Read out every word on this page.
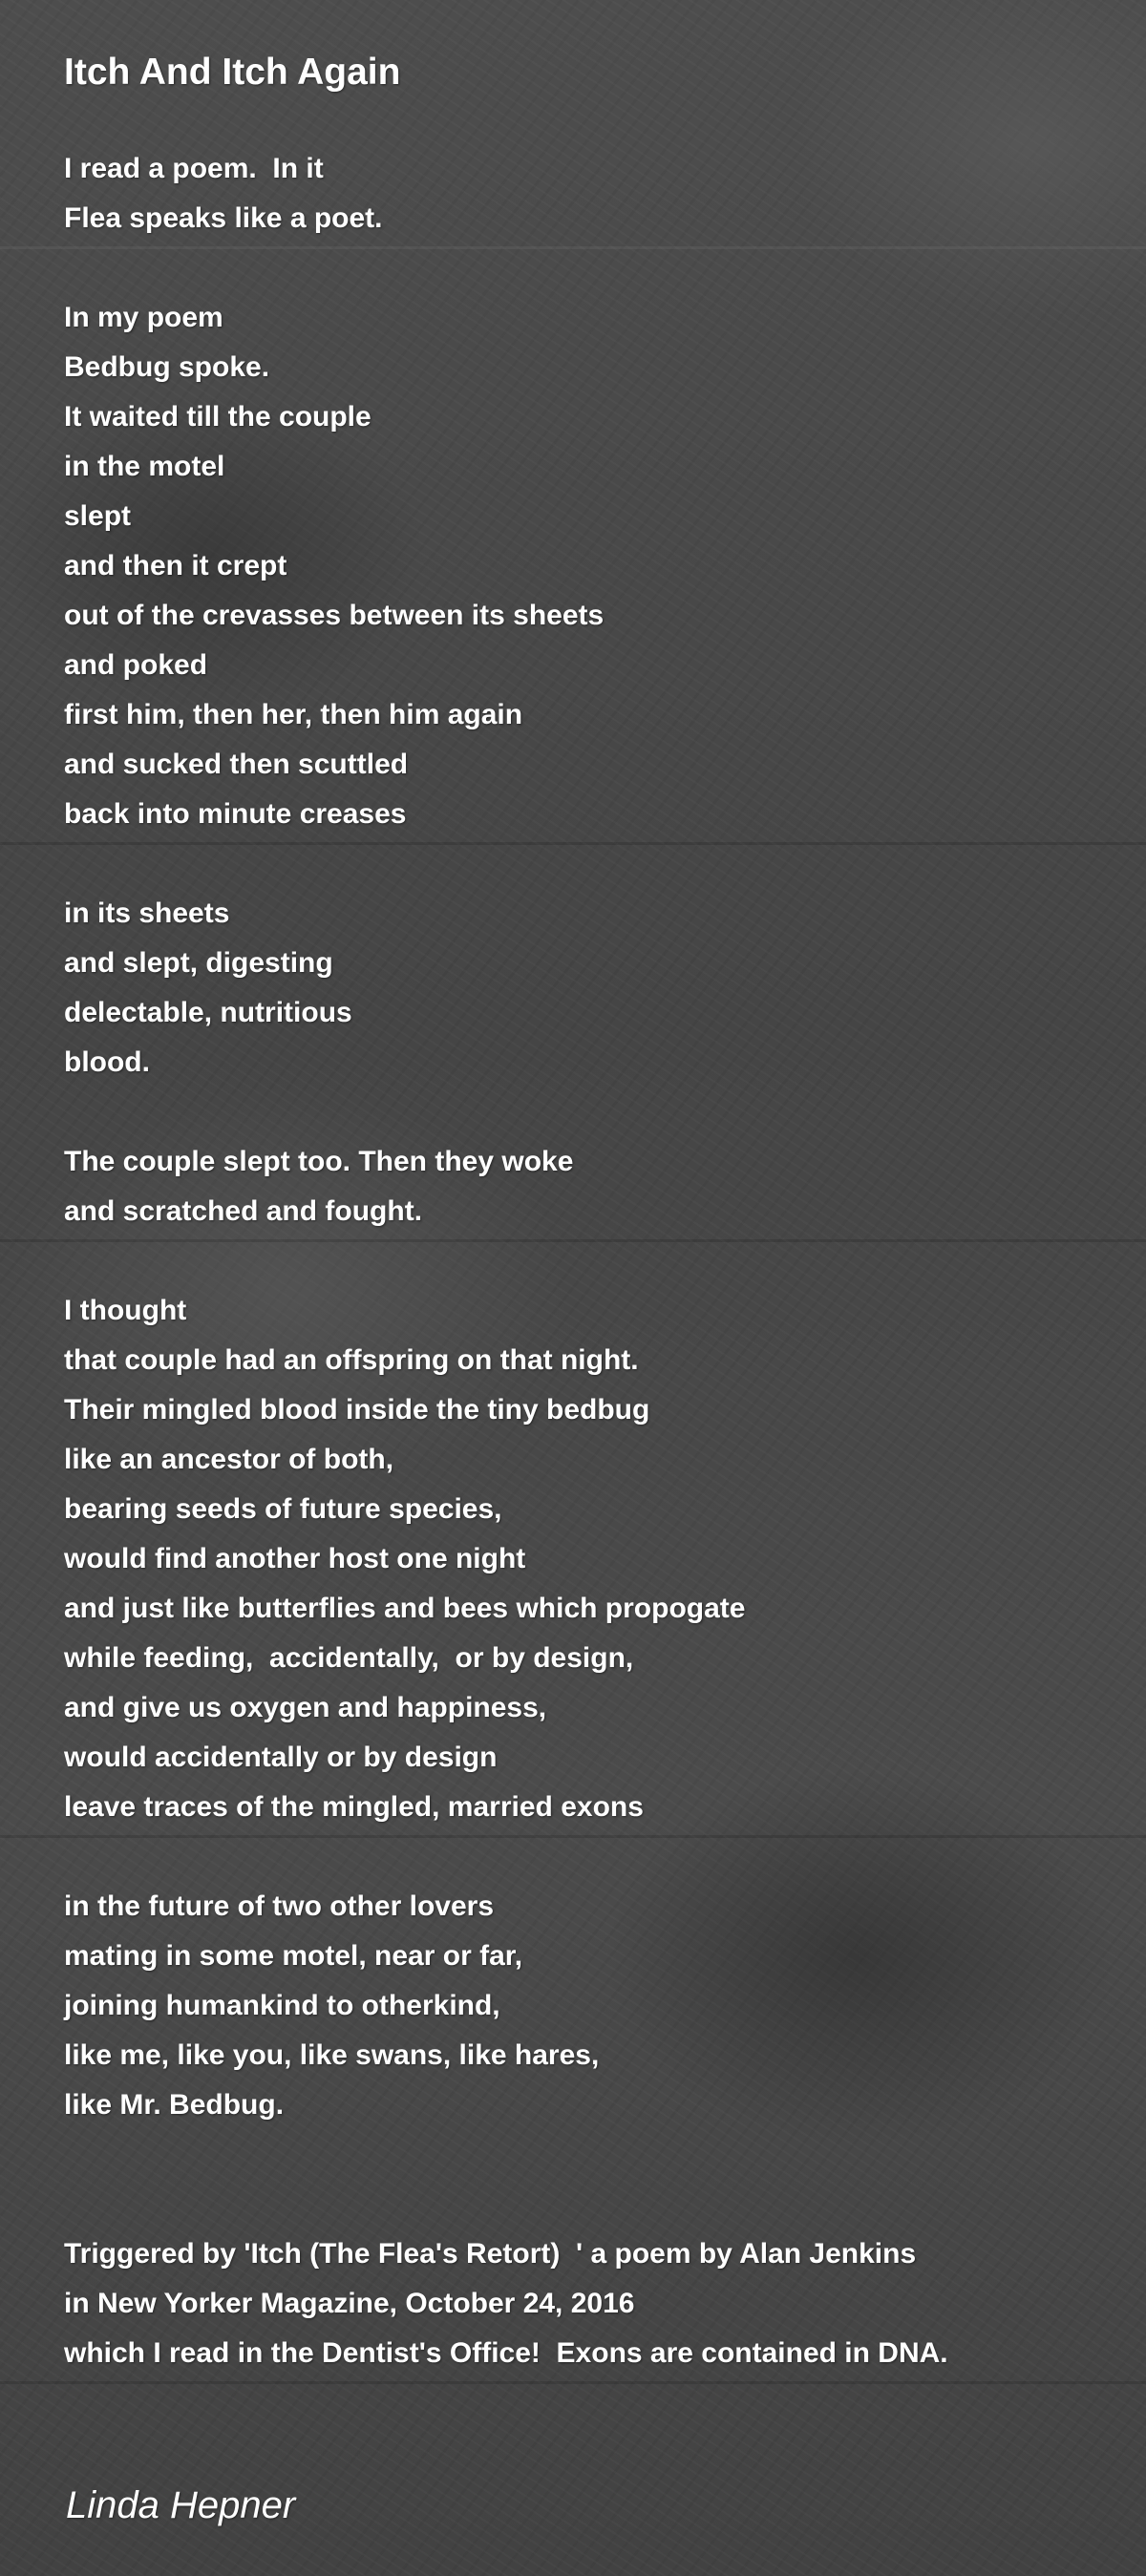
Itch And Itch Again
I read a poem.  In it
Flea speaks like a poet.
In my poem
Bedbug spoke.
It waited till the couple
in the motel
slept
and then it crept
out of the crevasses between its sheets
and poked
first him, then her, then him again
and sucked then scuttled
back into minute creases
in its sheets
and slept, digesting
delectable, nutritious
blood.
The couple slept too. Then they woke
and scratched and fought.
I thought
that couple had an offspring on that night.
Their mingled blood inside the tiny bedbug
like an ancestor of both,
bearing seeds of future species,
would find another host one night
and just like butterflies and bees which propogate
while feeding,  accidentally,  or by design,
and give us oxygen and happiness,
would accidentally or by design
leave traces of the mingled, married exons
in the future of two other lovers
mating in some motel, near or far,
joining humankind to otherkind,
like me, like you, like swans, like hares,
like Mr. Bedbug.
Triggered by 'Itch (The Flea's Retort)  ' a poem by Alan Jenkins
in New Yorker Magazine, October 24, 2016
which I read in the Dentist's Office!  Exons are contained in DNA.
Linda Hepner
